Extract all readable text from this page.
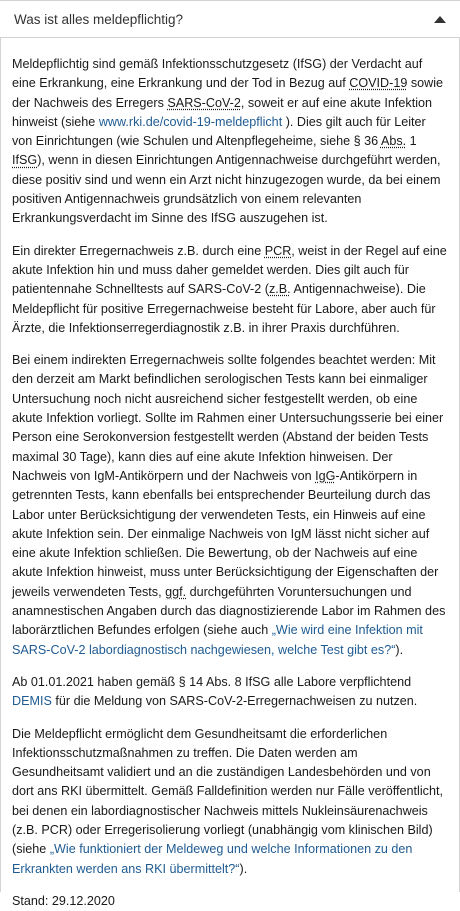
Was ist alles meldepflichtig?

Meldepflichtig sind gemäß Infektionsschutzgesetz (IfSG) der Verdacht auf eine Erkrankung, eine Erkrankung und der Tod in Bezug auf COVID-19 sowie der Nachweis des Erregers SARS-CoV-2, soweit er auf eine akute Infektion hinweist (siehe www.rki.de/covid-19-meldepflicht ). Dies gilt auch für Leiter von Einrichtungen (wie Schulen und Altenpflegeheime, siehe § 36 Abs. 1 IfSG), wenn in diesen Einrichtungen Antigennachweise durchgeführt werden, diese positiv sind und wenn ein Arzt nicht hinzugezogen wurde, da bei einem positiven Antigennachweis grundsätzlich von einem relevanten Erkrankungsverdacht im Sinne des IfSG auszugehen ist.

Ein direkter Erregernachweis z.B. durch eine PCR, weist in der Regel auf eine akute Infektion hin und muss daher gemeldet werden. Dies gilt auch für patientennahe Schnelltests auf SARS-CoV-2 (z.B. Antigennachweise). Die Meldepflicht für positive Erregernachweise besteht für Labore, aber auch für Ärzte, die Infektionserregerdiagnostik z.B. in ihrer Praxis durchführen.

Bei einem indirekten Erregernachweis sollte folgendes beachtet werden: Mit den derzeit am Markt befindlichen serologischen Tests kann bei einmaliger Untersuchung noch nicht ausreichend sicher festgestellt werden, ob eine akute Infektion vorliegt. Sollte im Rahmen einer Untersuchungsserie bei einer Person eine Serokonversion festgestellt werden (Abstand der beiden Tests maximal 30 Tage), kann dies auf eine akute Infektion hinweisen. Der Nachweis von IgM-Antikörpern und der Nachweis von IgG-Antikörpern in getrennten Tests, kann ebenfalls bei entsprechender Beurteilung durch das Labor unter Berücksichtigung der verwendeten Tests, ein Hinweis auf eine akute Infektion sein. Der einmalige Nachweis von IgM lässt nicht sicher auf eine akute Infektion schließen. Die Bewertung, ob der Nachweis auf eine akute Infektion hinweist, muss unter Berücksichtigung der Eigenschaften der jeweils verwendeten Tests, ggf. durchgeführten Voruntersuchungen und anamnestischen Angaben durch das diagnostizierende Labor im Rahmen des laborärztlichen Befundes erfolgen (siehe auch „Wie wird eine Infektion mit SARS-CoV-2 labordiagnostisch nachgewiesen, welche Test gibt es?“).

Ab 01.01.2021 haben gemäß § 14 Abs. 8 IfSG alle Labore verpflichtend DEMIS für die Meldung von SARS-CoV-2-Erregernachweisen zu nutzen.

Die Meldepflicht ermöglicht dem Gesundheitsamt die erforderlichen Infektionsschutzmaßnahmen zu treffen. Die Daten werden am Gesundheitsamt validiert und an die zuständigen Landesbehörden und von dort ans RKI übermittelt. Gemäß Falldefinition werden nur Fälle veröffentlicht, bei denen ein labordiagnostischer Nachweis mittels Nukleinsäurenachweis (z.B. PCR) oder Erregerisolierung vorliegt (unabhängig vom klinischen Bild) (siehe „Wie funktioniert der Meldeweg und welche Informationen zu den Erkrankten werden ans RKI übermittelt?“).

Stand: 29.12.2020
